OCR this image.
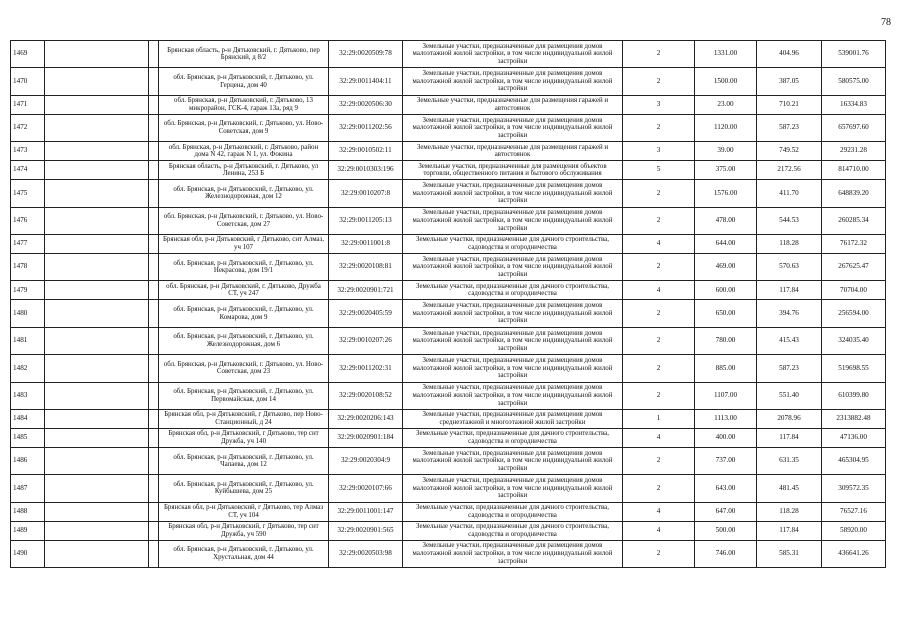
78
1469			Брянская область, р-н Дятьковский, г. Дятьково, пер Брянский, д 8/2	32:29:0020509:78	Земельные участки, предназначенные для размещения домов малоэтажной жилой застройки, в том числе индивидуальной жилой застройки	2	1331.00	404.96	539001.76
1470			обл. Брянская, р-н Дятьковский, г. Дятьково, ул. Герцена, дом 40	32:29:0011404:11	Земельные участки, предназначенные для размещения домов малоэтажной жилой застройки, в том числе индивидуальной жилой застройки	2	1500.00	387.05	580575.00
1471			обл. Брянская, р-н Дятьковский, г. Дятьково, 13 микрорайон, ГСК-4, гараж 13а, ряд 9	32:29:0020506:30	Земельные участки, предназначенные для размещения гаражей и автостоянок	3	23.00	710.21	16334.83
1472			обл. Брянская, р-н Дятьковский, г. Дятьково, ул. Ново-Советская, дом 9	32:29:0011202:56	Земельные участки, предназначенные для размещения домов малоэтажной жилой застройки, в том числе индивидуальной жилой застройки	2	1120.00	587.23	657697.60
1473			обл. Брянская, р-н Дятьковский, г. Дятьково, район дома N 42, гараж N 1, ул. Фокина	32:29:0010502:11	Земельные участки, предназначенные для размещения гаражей и автостоянок	3	39.00	749.52	29231.28
1474			Брянская область, р-н Дятьковский, г. Дятьково, ул Ленина, 253 Б	32:29:0010303:196	Земельные участки, предназначенные для размещения объектов торговли, общественного питания и бытового обслуживания	5	375.00	2172.56	814710.00
1475			обл. Брянская, р-н Дятьковский, г. Дятьково, ул. Железнодорожная, дом 12	32:29:0010207:8	Земельные участки, предназначенные для размещения домов малоэтажной жилой застройки, в том числе индивидуальной жилой застройки	2	1576.00	411.70	648839.20
1476			обл. Брянская, р-н Дятьковский, г. Дятьково, ул. Ново-Советская, дом 27	32:29:0011205:13	Земельные участки, предназначенные для размещения домов малоэтажной жилой застройки, в том числе индивидуальной жилой застройки	2	478.00	544.53	260285.34
1477			Брянская обл, р-н Дятьковский, г Дятьково, снт Алмаз, уч 107	32:29:0011001:8	Земельные участки, предназначенные для дачного строительства, садоводства и огородничества	4	644.00	118.28	76172.32
1478			обл. Брянская, р-н Дятьковский, г. Дятьково, ул. Некрасова, дом 19/1	32:29:0020108:81	Земельные участки, предназначенные для размещения домов малоэтажной жилой застройки, в том числе индивидуальной жилой застройки	2	469.00	570.63	267625.47
1479			обл. Брянская, р-н Дятьковский, г. Дятьково, Дружба СТ, уч 247	32:29:0020901:721	Земельные участки, предназначенные для дачного строительства, садоводства и огородничества	4	600.00	117.84	70704.00
1480			обл. Брянская, р-н Дятьковский, г. Дятьково, ул. Комарова, дом 9	32:29:0020405:59	Земельные участки, предназначенные для размещения домов малоэтажной жилой застройки, в том числе индивидуальной жилой застройки	2	650.00	394.76	256594.00
1481			обл. Брянская, р-н Дятьковский, г. Дятьково, ул. Железнодорожная, дом 6	32:29:0010207:26	Земельные участки, предназначенные для размещения домов малоэтажной жилой застройки, в том числе индивидуальной жилой застройки	2	780.00	415.43	324035.40
1482			обл. Брянская, р-н Дятьковский, г. Дятьково, ул. Ново-Советская, дом 23	32:29:0011202:31	Земельные участки, предназначенные для размещения домов малоэтажной жилой застройки, в том числе индивидуальной жилой застройки	2	885.00	587.23	519698.55
1483			обл. Брянская, р-н Дятьковский, г. Дятьково, ул. Первомайская, дом 14	32:29:0020108:52	Земельные участки, предназначенные для размещения домов малоэтажной жилой застройки, в том числе индивидуальной жилой застройки	2	1107.00	551.40	610399.80
1484			Брянская обл, р-н Дятьковский, г Дятьково, пер Ново-Станционный, д 24	32:29:0020206:143	Земельные участки, предназначенные для размещения домов среднеэтажной и многоэтажной жилой застройки	1	1113.00	2078.96	2313882.48
1485			Брянская обл, р-н Дятьковский, г Дятьково, тер снт Дружба, уч 140	32:29:0020901:184	Земельные участки, предназначенные для дачного строительства, садоводства и огородничества	4	400.00	117.84	47136.00
1486			обл. Брянская, р-н Дятьковский, г. Дятьково, ул. Чапаева, дом 12	32:29:0020304:9	Земельные участки, предназначенные для размещения домов малоэтажной жилой застройки, в том числе индивидуальной жилой застройки	2	737.00	631.35	465304.95
1487			обл. Брянская, р-н Дятьковский, г. Дятьково, ул. Куйбышева, дом 25	32:29:0020107:66	Земельные участки, предназначенные для размещения домов малоэтажной жилой застройки, в том числе индивидуальной жилой застройки	2	643.00	481.45	309572.35
1488			Брянская обл, р-н Дятьковский, г Дятьково, тер Алмаз СТ, уч 104	32:29:0011001:147	Земельные участки, предназначенные для дачного строительства, садоводства и огородничества	4	647.00	118.28	76527.16
1489			Брянская обл, р-н Дятьковский, г Дятьково, тер снт Дружба, уч 590	32:29:0020901:565	Земельные участки, предназначенные для дачного строительства, садоводства и огородничества	4	500.00	117.84	58920.00
1490			обл. Брянская, р-н Дятьковский, г. Дятьково, ул. Хрустальная, дом 44	32:29:0020503:98	Земельные участки, предназначенные для размещения домов малоэтажной жилой застройки, в том числе индивидуальной жилой застройки	2	746.00	585.31	436641.26
